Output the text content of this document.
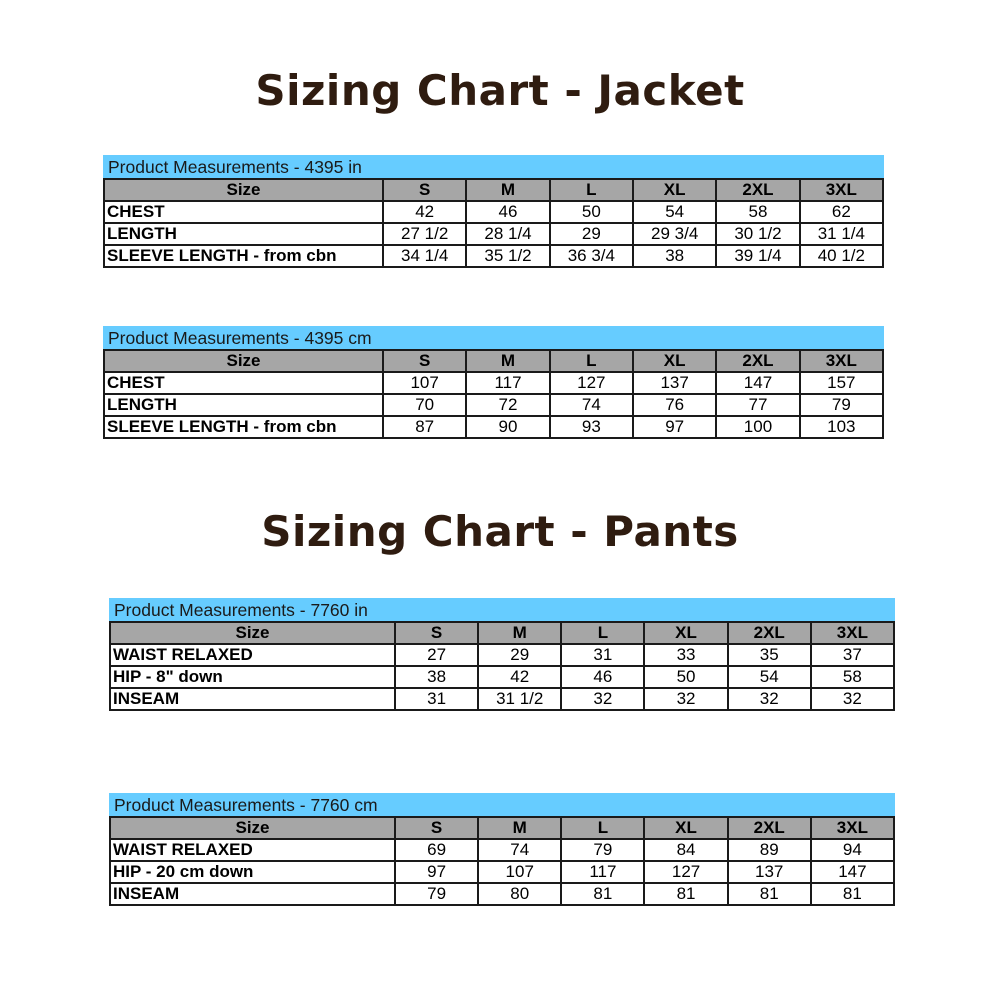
Sizing Chart - Jacket
Product Measurements - 4395 in
Size	S	M	L	XL	2XL	3XL
CHEST	42	46	50	54	58	62
LENGTH	27 1/2	28 1/4	29	29 3/4	30 1/2	31 1/4
SLEEVE LENGTH - from cbn	34 1/4	35 1/2	36 3/4	38	39 1/4	40 1/2
Product Measurements - 4395 cm
Size	S	M	L	XL	2XL	3XL
CHEST	107	117	127	137	147	157
LENGTH	70	72	74	76	77	79
SLEEVE LENGTH - from cbn	87	90	93	97	100	103
Sizing Chart - Pants
Product Measurements - 7760 in
Size	S	M	L	XL	2XL	3XL
WAIST RELAXED	27	29	31	33	35	37
HIP - 8" down	38	42	46	50	54	58
INSEAM	31	31 1/2	32	32	32	32
Product Measurements - 7760 cm
Size	S	M	L	XL	2XL	3XL
WAIST RELAXED	69	74	79	84	89	94
HIP - 20 cm down	97	107	117	127	137	147
INSEAM	79	80	81	81	81	81
